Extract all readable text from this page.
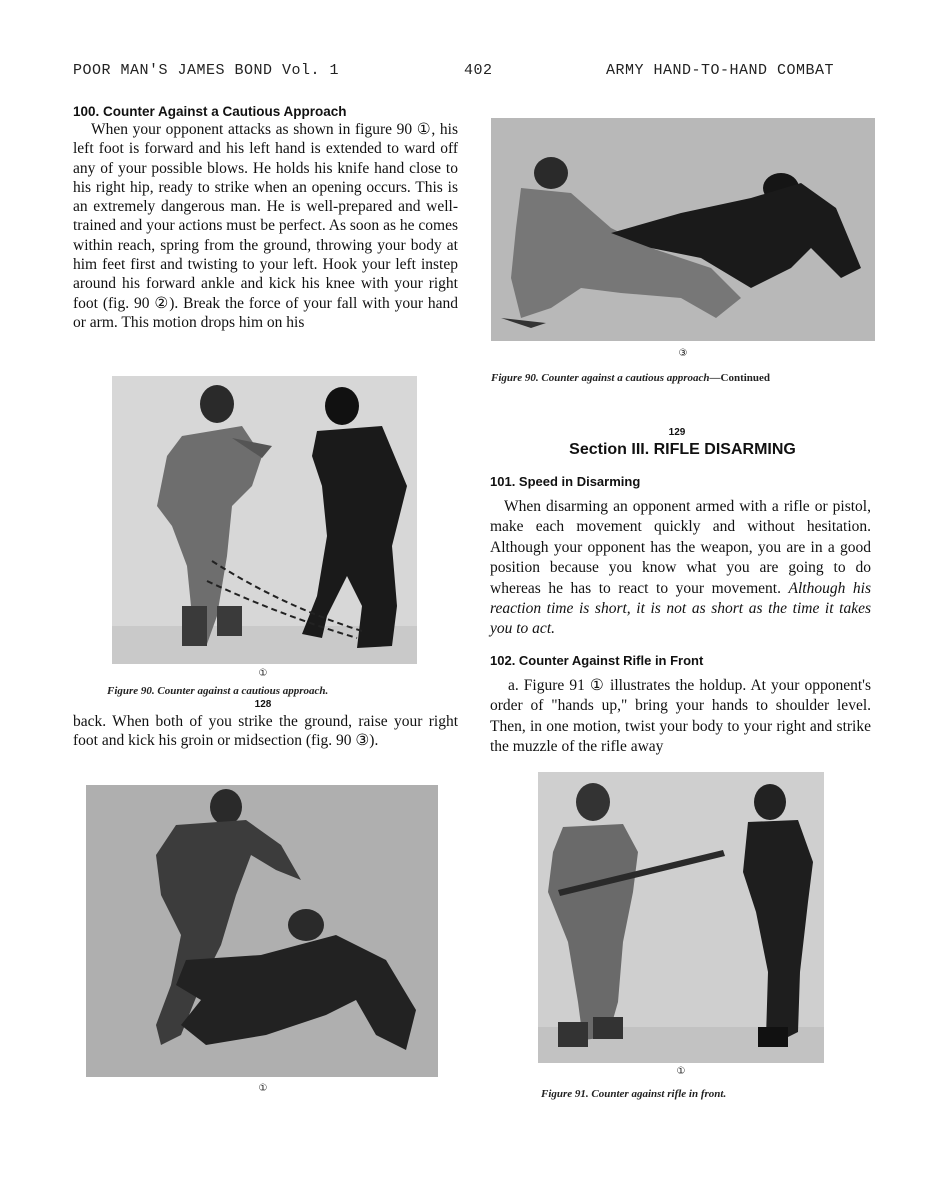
POOR MAN'S JAMES BOND Vol. 1	402	ARMY HAND-TO-HAND COMBAT
100. Counter Against a Cautious Approach
When your opponent attacks as shown in figure 90 ①, his left foot is forward and his left hand is extended to ward off any of your possible blows. He holds his knife hand close to his right hip, ready to strike when an opening occurs. This is an extremely dangerous man. He is well-prepared and well-trained and your actions must be perfect. As soon as he comes within reach, spring from the ground, throwing your body at him feet first and twisting to your left. Hook your left instep around his forward ankle and kick his knee with your right foot (fig. 90 ②). Break the force of your fall with your hand or arm. This motion drops him on his
①
Figure 90. Counter against a cautious approach.
128
back. When both of you strike the ground, raise your right foot and kick his groin or midsection (fig. 90 ③).
①
③
Figure 90. Counter against a cautious approach—Continued
129
Section III. RIFLE DISARMING
101. Speed in Disarming
When disarming an opponent armed with a rifle or pistol, make each movement quickly and without hesitation. Although your opponent has the weapon, you are in a good position because you know what you are going to do whereas he has to react to your movement. Although his reaction time is short, it is not as short as the time it takes you to act.
102. Counter Against Rifle in Front
a. Figure 91 ① illustrates the holdup. At your opponent's order of "hands up," bring your hands to shoulder level. Then, in one motion, twist your body to your right and strike the muzzle of the rifle away
①
Figure 91. Counter against rifle in front.
